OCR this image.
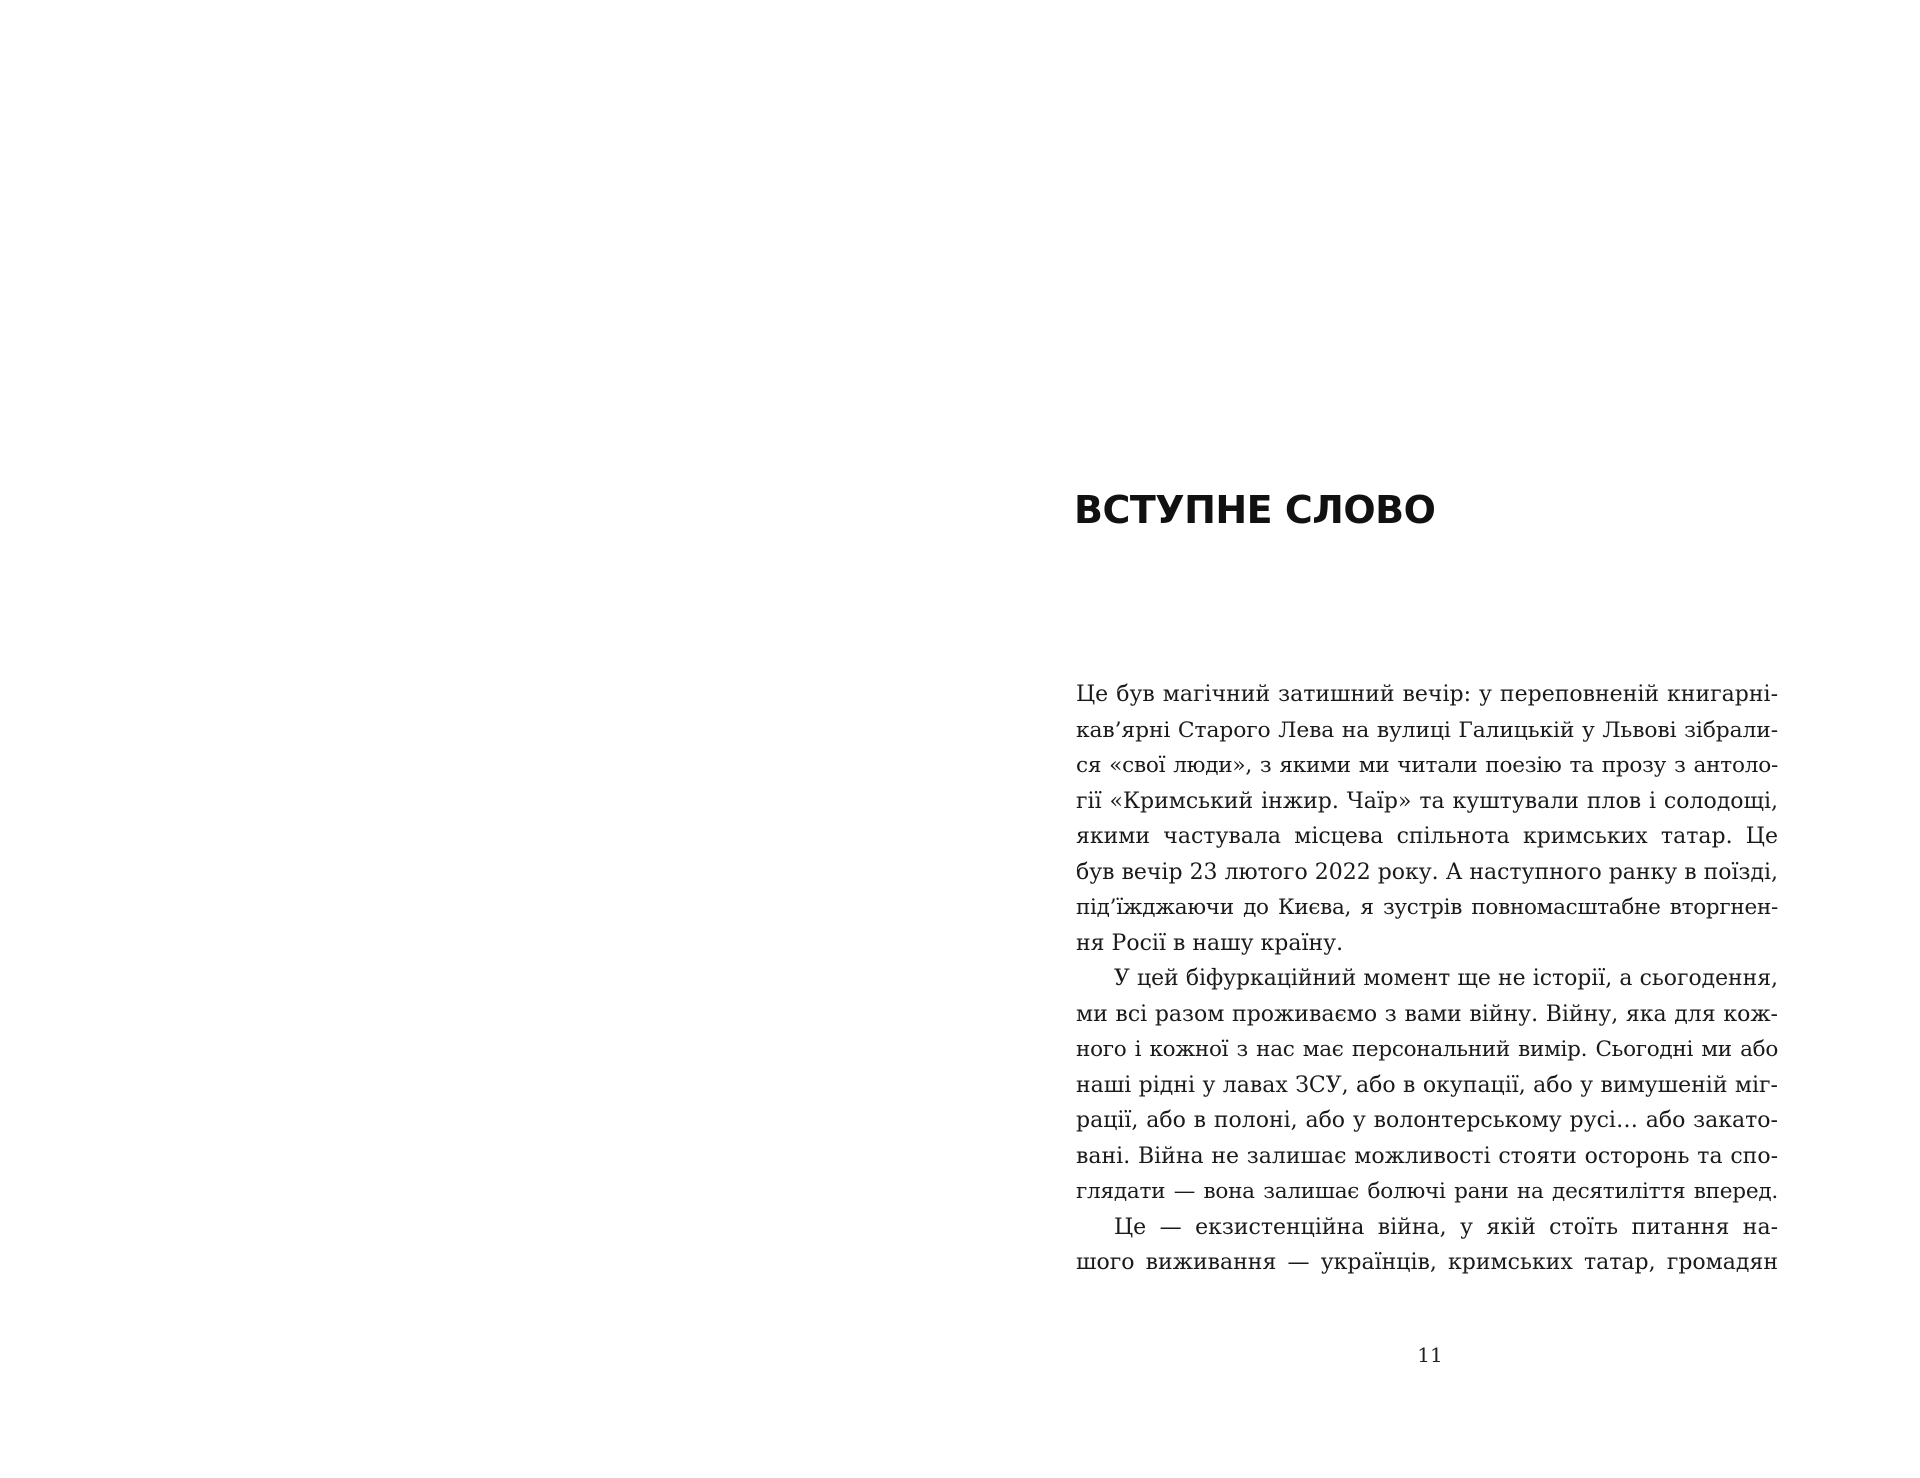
ВСТУПНЕ СЛОВО
Це був магічний затишний вечір: у переповненій книгарні-
кав’ярні Старого Лева на вулиці Галицькій у Львові зібрали-
ся «свої люди», з якими ми читали поезію та прозу з антоло-
гії «Кримський інжир. Чаїр» та куштували плов і солодощі,
якими частувала місцева спільнота кримських татар. Це
був вечір 23 лютого 2022 року. А наступного ранку в поїзді,
під’їжджаючи до Києва, я зустрів повномасштабне вторгнен-
ня Росії в нашу країну.
У цей біфуркаційний момент ще не історії, а сьогодення,
ми всі разом проживаємо з вами війну. Війну, яка для кож-
ного і кожної з нас має персональний вимір. Сьогодні ми або
наші рідні у лавах ЗСУ, або в окупації, або у вимушеній міг-
рації, або в полоні, або у волонтерському русі… або закато-
вані. Війна не залишає можливості стояти осторонь та спо-
глядати — вона залишає болючі рани на десятиліття вперед.
Це — екзистенційна війна, у якій стоїть питання на-
шого виживання — українців, кримських татар, громадян
11
